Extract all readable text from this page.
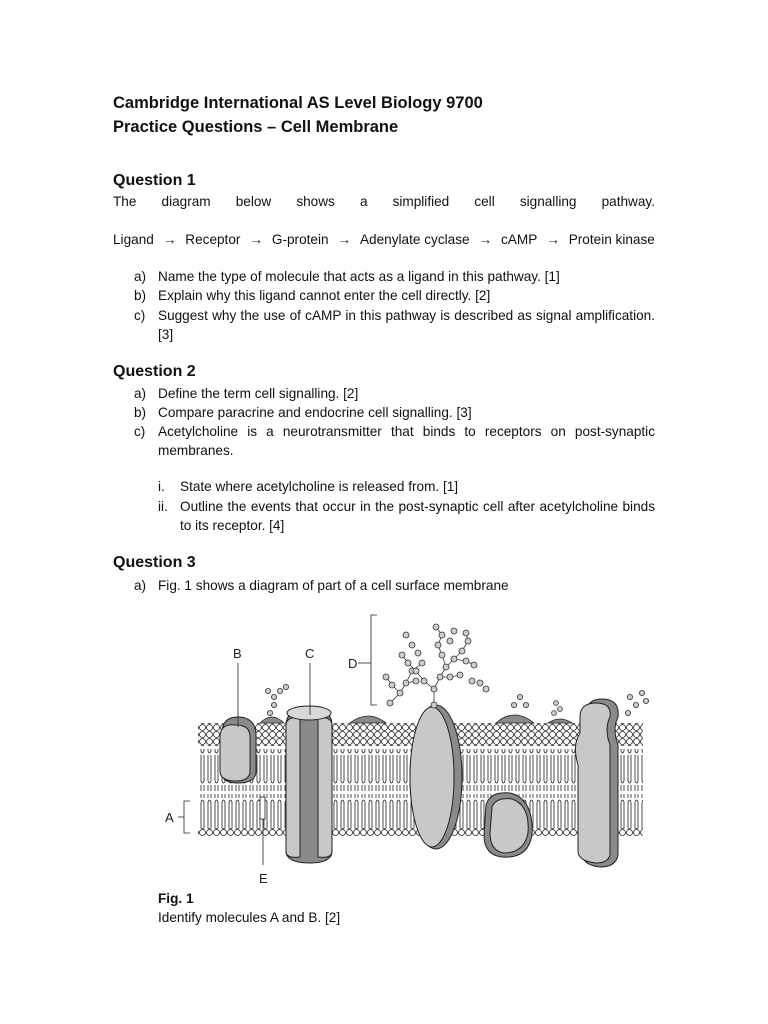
Cambridge International AS Level Biology 9700
Practice Questions – Cell Membrane
Question 1
The diagram below shows a simplified cell signalling pathway.
Ligand → Receptor → G-protein → Adenylate cyclase → cAMP → Protein kinase
a) Name the type of molecule that acts as a ligand in this pathway. [1]
b) Explain why this ligand cannot enter the cell directly. [2]
c) Suggest why the use of cAMP in this pathway is described as signal amplification. [3]
Question 2
a) Define the term cell signalling. [2]
b) Compare paracrine and endocrine cell signalling. [3]
c) Acetylcholine is a neurotransmitter that binds to receptors on post-synaptic membranes.
i. State where acetylcholine is released from. [1]
ii. Outline the events that occur in the post-synaptic cell after acetylcholine binds to its receptor. [4]
Question 3
a) Fig. 1 shows a diagram of part of a cell surface membrane
B	C
D
A
E
Fig. 1
Identify molecules A and B. [2]
